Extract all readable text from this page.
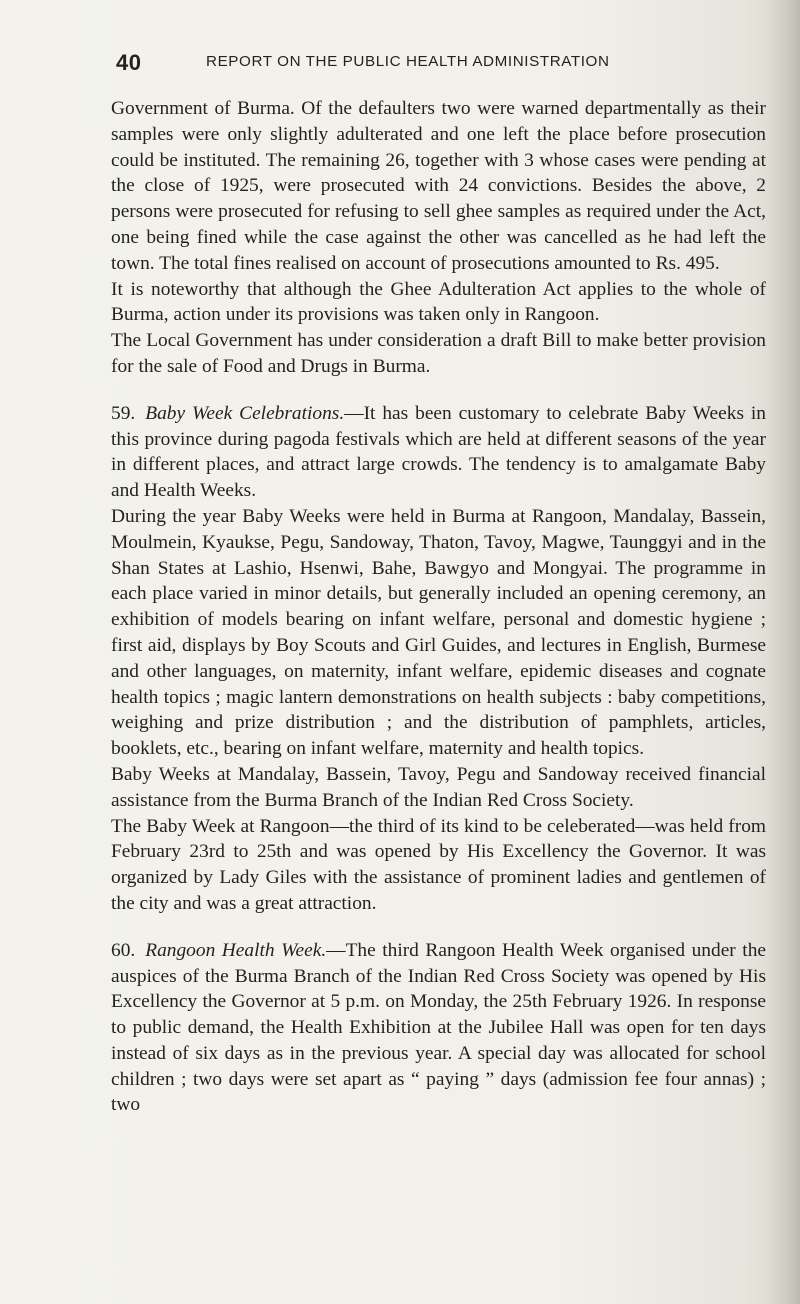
40	REPORT ON THE PUBLIC HEALTH ADMINISTRATION

Government of Burma. Of the defaulters two were warned departmentally as their samples were only slightly adulterated and one left the place before prosecution could be instituted. The remaining 26, together with 3 whose cases were pending at the close of 1925, were prosecuted with 24 convictions. Besides the above, 2 persons were prosecuted for refusing to sell ghee samples as required under the Act, one being fined while the case against the other was cancelled as he had left the town. The total fines realised on account of prosecutions amounted to Rs. 495.

It is noteworthy that although the Ghee Adulteration Act applies to the whole of Burma, action under its provisions was taken only in Rangoon.

The Local Government has under consideration a draft Bill to make better provision for the sale of Food and Drugs in Burma.

59. Baby Week Celebrations.—It has been customary to celebrate Baby Weeks in this province during pagoda festivals which are held at different seasons of the year in different places, and attract large crowds. The tendency is to amalgamate Baby and Health Weeks.

During the year Baby Weeks were held in Burma at Rangoon, Mandalay, Bassein, Moulmein, Kyaukse, Pegu, Sandoway, Thaton, Tavoy, Magwe, Taunggyi and in the Shan States at Lashio, Hsenwi, Bahe, Bawgyo and Mongyai. The programme in each place varied in minor details, but generally included an opening ceremony, an exhibition of models bearing on infant welfare, personal and domestic hygiene ; first aid, displays by Boy Scouts and Girl Guides, and lectures in English, Burmese and other languages, on maternity, infant welfare, epidemic diseases and cognate health topics ; magic lantern demonstrations on health subjects : baby competitions, weighing and prize distribution ; and the distribution of pamphlets, articles, booklets, etc., bearing on infant welfare, maternity and health topics.

Baby Weeks at Mandalay, Bassein, Tavoy, Pegu and Sandoway received financial assistance from the Burma Branch of the Indian Red Cross Society.

The Baby Week at Rangoon—the third of its kind to be celeberated—was held from February 23rd to 25th and was opened by His Excellency the Governor. It was organized by Lady Giles with the assistance of prominent ladies and gentlemen of the city and was a great attraction.

60. Rangoon Health Week.—The third Rangoon Health Week organised under the auspices of the Burma Branch of the Indian Red Cross Society was opened by His Excellency the Governor at 5 p.m. on Monday, the 25th February 1926. In response to public demand, the Health Exhibition at the Jubilee Hall was open for ten days instead of six days as in the previous year. A special day was allocated for school children ; two days were set apart as “ paying ” days (admission fee four annas) ; two
